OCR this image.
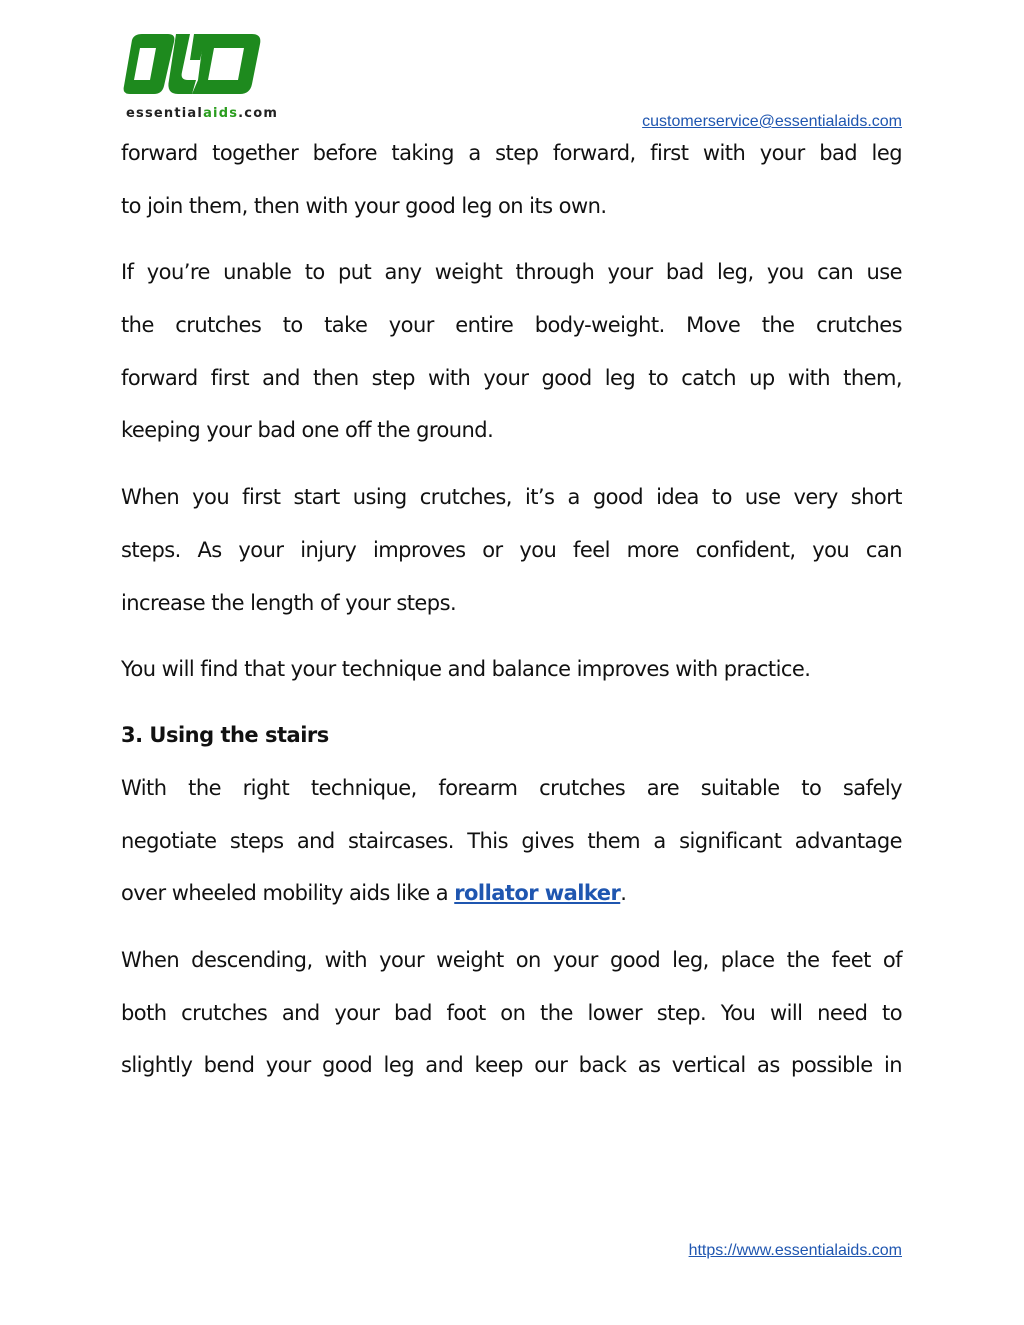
essentialaids.com	customerservice@essentialaids.com
forward together before taking a step forward, first with your bad leg
to join them, then with your good leg on its own.
If you’re unable to put any weight through your bad leg, you can use
the crutches to take your entire body-weight. Move the crutches
forward first and then step with your good leg to catch up with them,
keeping your bad one off the ground.
When you first start using crutches, it’s a good idea to use very short
steps. As your injury improves or you feel more confident, you can
increase the length of your steps.
You will find that your technique and balance improves with practice.
3. Using the stairs
With the right technique, forearm crutches are suitable to safely
negotiate steps and staircases. This gives them a significant advantage
over wheeled mobility aids like a rollator walker.
When descending, with your weight on your good leg, place the feet of
both crutches and your bad foot on the lower step. You will need to
slightly bend your good leg and keep our back as vertical as possible in
https://www.essentialaids.com
